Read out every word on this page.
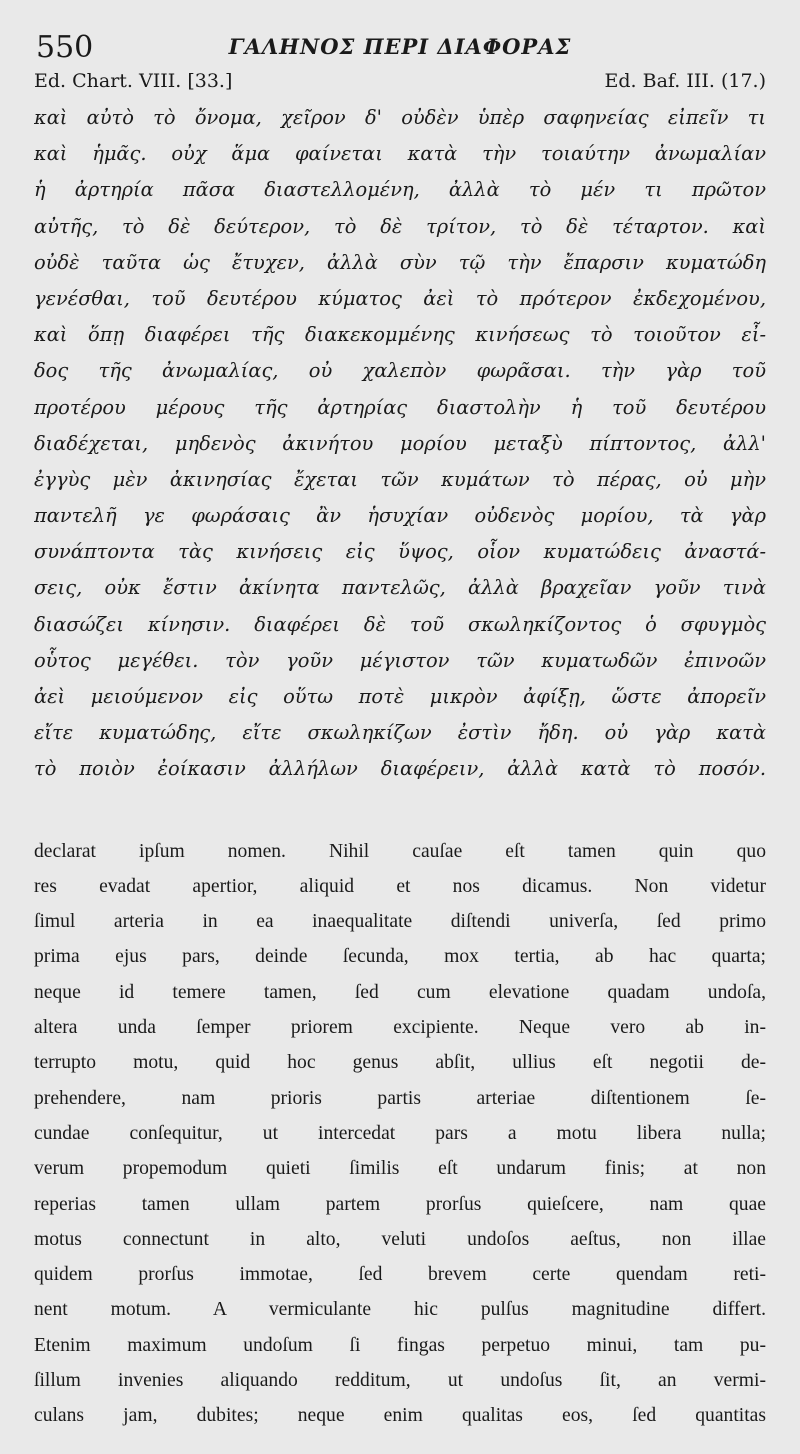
550	ΓΑΛΗΝΟΣ ΠΕΡΙ ΔΙΑΦΟΡΑΣ
Ed. Chart. VIII. [33.]	Ed. Baf. III. (17.)
καὶ αὐτὸ τὸ ὄνομα, χεῖρον δ' οὐδὲν ὑπὲρ σαφηνείας εἰπεῖν τι
καὶ ἡμᾶς. οὐχ ἅμα φαίνεται κατὰ τὴν τοιαύτην ἀνωμαλίαν
ἡ ἀρτηρία πᾶσα διαστελλομένη, ἀλλὰ τὸ μέν τι πρῶτον
αὐτῆς, τὸ δὲ δεύτερον, τὸ δὲ τρίτον, τὸ δὲ τέταρτον. καὶ
οὐδὲ ταῦτα ὡς ἔτυχεν, ἀλλὰ σὺν τῷ τὴν ἔπαρσιν κυματώδη
γενέσθαι, τοῦ δευτέρου κύματος ἀεὶ τὸ πρότερον ἐκδεχομένου,
καὶ ὅπῃ διαφέρει τῆς διακεκομμένης κινήσεως τὸ τοιοῦτον εἶ-
δος τῆς ἀνωμαλίας, οὐ χαλεπὸν φωρᾶσαι. τὴν γὰρ τοῦ
προτέρου μέρους τῆς ἀρτηρίας διαστολὴν ἡ τοῦ δευτέρου
διαδέχεται, μηδενὸς ἀκινήτου μορίου μεταξὺ πίπτοντος, ἀλλ'
ἐγγὺς μὲν ἀκινησίας ἔχεται τῶν κυμάτων τὸ πέρας, οὐ μὴν
παντελῆ γε φωράσαις ἂν ἡσυχίαν οὐδενὸς μορίου, τὰ γὰρ
συνάπτοντα τὰς κινήσεις εἰς ὕψος, οἷον κυματώδεις ἀναστά-
σεις, οὐκ ἔστιν ἀκίνητα παντελῶς, ἀλλὰ βραχεῖαν γοῦν τινὰ
διασώζει κίνησιν. διαφέρει δὲ τοῦ σκωληκίζοντος ὁ σφυγμὸς
οὗτος μεγέθει. τὸν γοῦν μέγιστον τῶν κυματωδῶν ἐπινοῶν
ἀεὶ μειούμενον εἰς οὕτω ποτὲ μικρὸν ἀφίξῃ, ὥστε ἀπορεῖν
εἴτε κυματώδης, εἴτε σκωληκίζων ἐστὶν ἤδη. οὐ γὰρ κατὰ
τὸ ποιὸν ἐοίκασιν ἀλλήλων διαφέρειν, ἀλλὰ κατὰ τὸ ποσόν.
declarat ipſum nomen. Nihil cauſae eſt tamen quin quo
res evadat apertior, aliquid et nos dicamus. Non videtur
ſimul arteria in ea inaequalitate diſtendi univerſa, ſed primo
prima ejus pars, deinde ſecunda, mox tertia, ab hac quarta;
neque id temere tamen, ſed cum elevatione quadam undoſa,
altera unda ſemper priorem excipiente. Neque vero ab in-
terrupto motu, quid hoc genus abſit, ullius eſt negotii de-
prehendere, nam prioris partis arteriae diſtentionem ſe-
cundae conſequitur, ut intercedat pars a motu libera nulla;
verum propemodum quieti ſimilis eſt undarum finis; at non
reperias tamen ullam partem prorſus quieſcere, nam quae
motus connectunt in alto, veluti undoſos aeſtus, non illae
quidem prorſus immotae, ſed brevem certe quendam reti-
nent motum. A vermiculante hic pulſus magnitudine differt.
Etenim maximum undoſum ſi fingas perpetuo minui, tam pu-
ſillum invenies aliquando redditum, ut undoſus ſit, an vermi-
culans jam, dubites; neque enim qualitas eos, ſed quantitas
